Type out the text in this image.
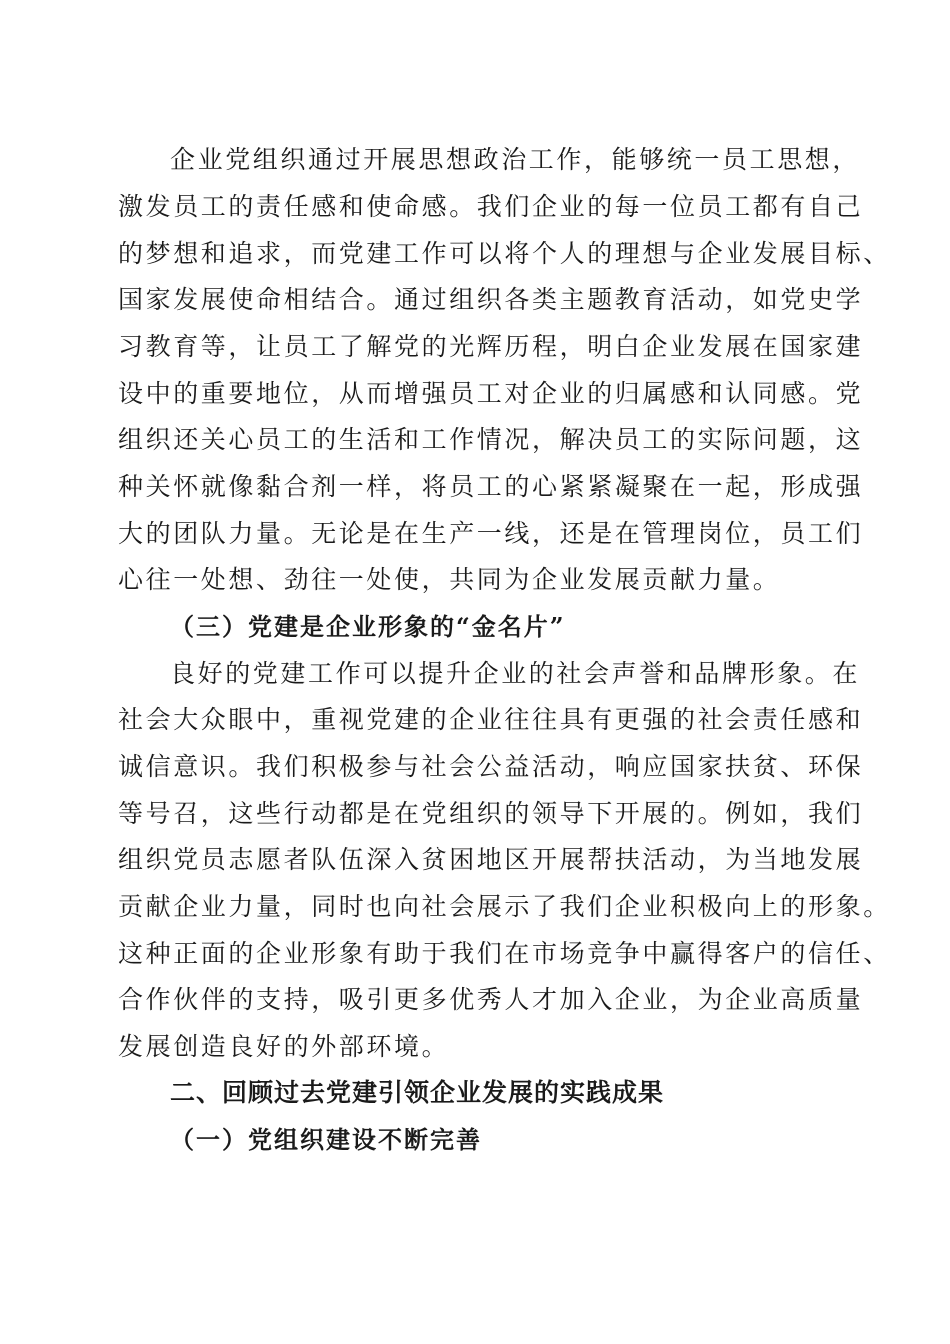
企业党组织通过开展思想政治工作，能够统一员工思想，
激发员工的责任感和使命感。我们企业的每一位员工都有自己
的梦想和追求，而党建工作可以将个人的理想与企业发展目标、
国家发展使命相结合。通过组织各类主题教育活动，如党史学
习教育等，让员工了解党的光辉历程，明白企业发展在国家建
设中的重要地位，从而增强员工对企业的归属感和认同感。党
组织还关心员工的生活和工作情况，解决员工的实际问题，这
种关怀就像黏合剂一样，将员工的心紧紧凝聚在一起，形成强
大的团队力量。无论是在生产一线，还是在管理岗位，员工们
心往一处想、劲往一处使，共同为企业发展贡献力量。
（三）党建是企业形象的“金名片”
良好的党建工作可以提升企业的社会声誉和品牌形象。在
社会大众眼中，重视党建的企业往往具有更强的社会责任感和
诚信意识。我们积极参与社会公益活动，响应国家扶贫、环保
等号召，这些行动都是在党组织的领导下开展的。例如，我们
组织党员志愿者队伍深入贫困地区开展帮扶活动，为当地发展
贡献企业力量，同时也向社会展示了我们企业积极向上的形象。
这种正面的企业形象有助于我们在市场竞争中赢得客户的信任、
合作伙伴的支持，吸引更多优秀人才加入企业，为企业高质量
发展创造良好的外部环境。
二、回顾过去党建引领企业发展的实践成果
（一）党组织建设不断完善
